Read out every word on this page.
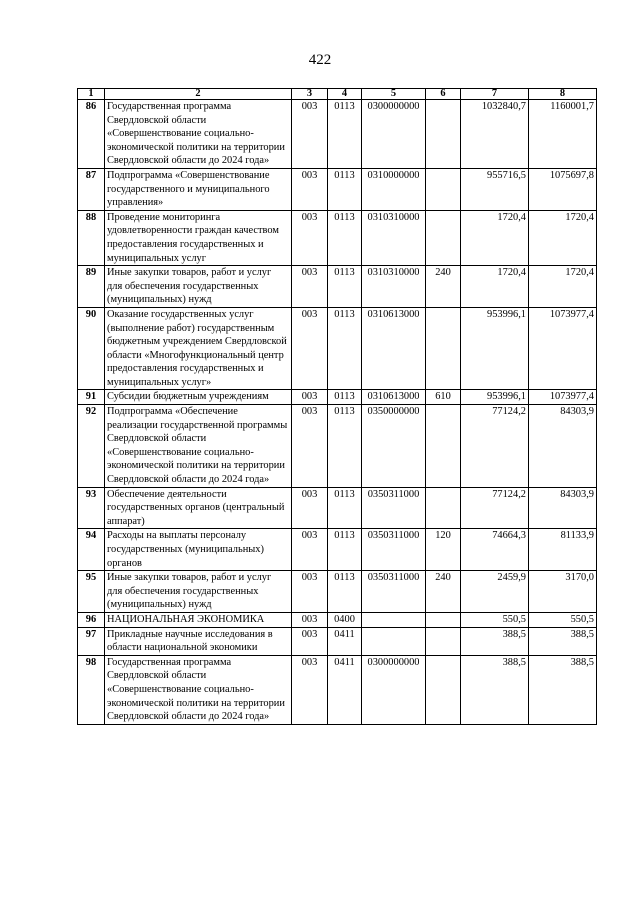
422
1	2	3	4	5	6	7	8
86	Государственная программа Свердловской области «Совершенствование социально-экономической политики на территории Свердловской области до 2024 года»	003	0113	0300000000		1032840,7	1160001,7
87	Подпрограмма «Совершенствование государственного и муниципального управления»	003	0113	0310000000		955716,5	1075697,8
88	Проведение мониторинга удовлетворенности граждан качеством предоставления государственных и муниципальных услуг	003	0113	0310310000		1720,4	1720,4
89	Иные закупки товаров, работ и услуг для обеспечения государственных (муниципальных) нужд	003	0113	0310310000	240	1720,4	1720,4
90	Оказание государственных услуг (выполнение работ) государственным бюджетным учреждением Свердловской области «Многофункциональный центр предоставления государственных и муниципальных услуг»	003	0113	0310613000		953996,1	1073977,4
91	Субсидии бюджетным учреждениям	003	0113	0310613000	610	953996,1	1073977,4
92	Подпрограмма «Обеспечение реализации государственной программы Свердловской области «Совершенствование социально-экономической политики на территории Свердловской области до 2024 года»	003	0113	0350000000		77124,2	84303,9
93	Обеспечение деятельности государственных органов (центральный аппарат)	003	0113	0350311000		77124,2	84303,9
94	Расходы на выплаты персоналу государственных (муниципальных) органов	003	0113	0350311000	120	74664,3	81133,9
95	Иные закупки товаров, работ и услуг для обеспечения государственных (муниципальных) нужд	003	0113	0350311000	240	2459,9	3170,0
96	НАЦИОНАЛЬНАЯ ЭКОНОМИКА	003	0400			550,5	550,5
97	Прикладные научные исследования в области национальной экономики	003	0411			388,5	388,5
98	Государственная программа Свердловской области «Совершенствование социально-экономической политики на территории Свердловской области до 2024 года»	003	0411	0300000000		388,5	388,5
